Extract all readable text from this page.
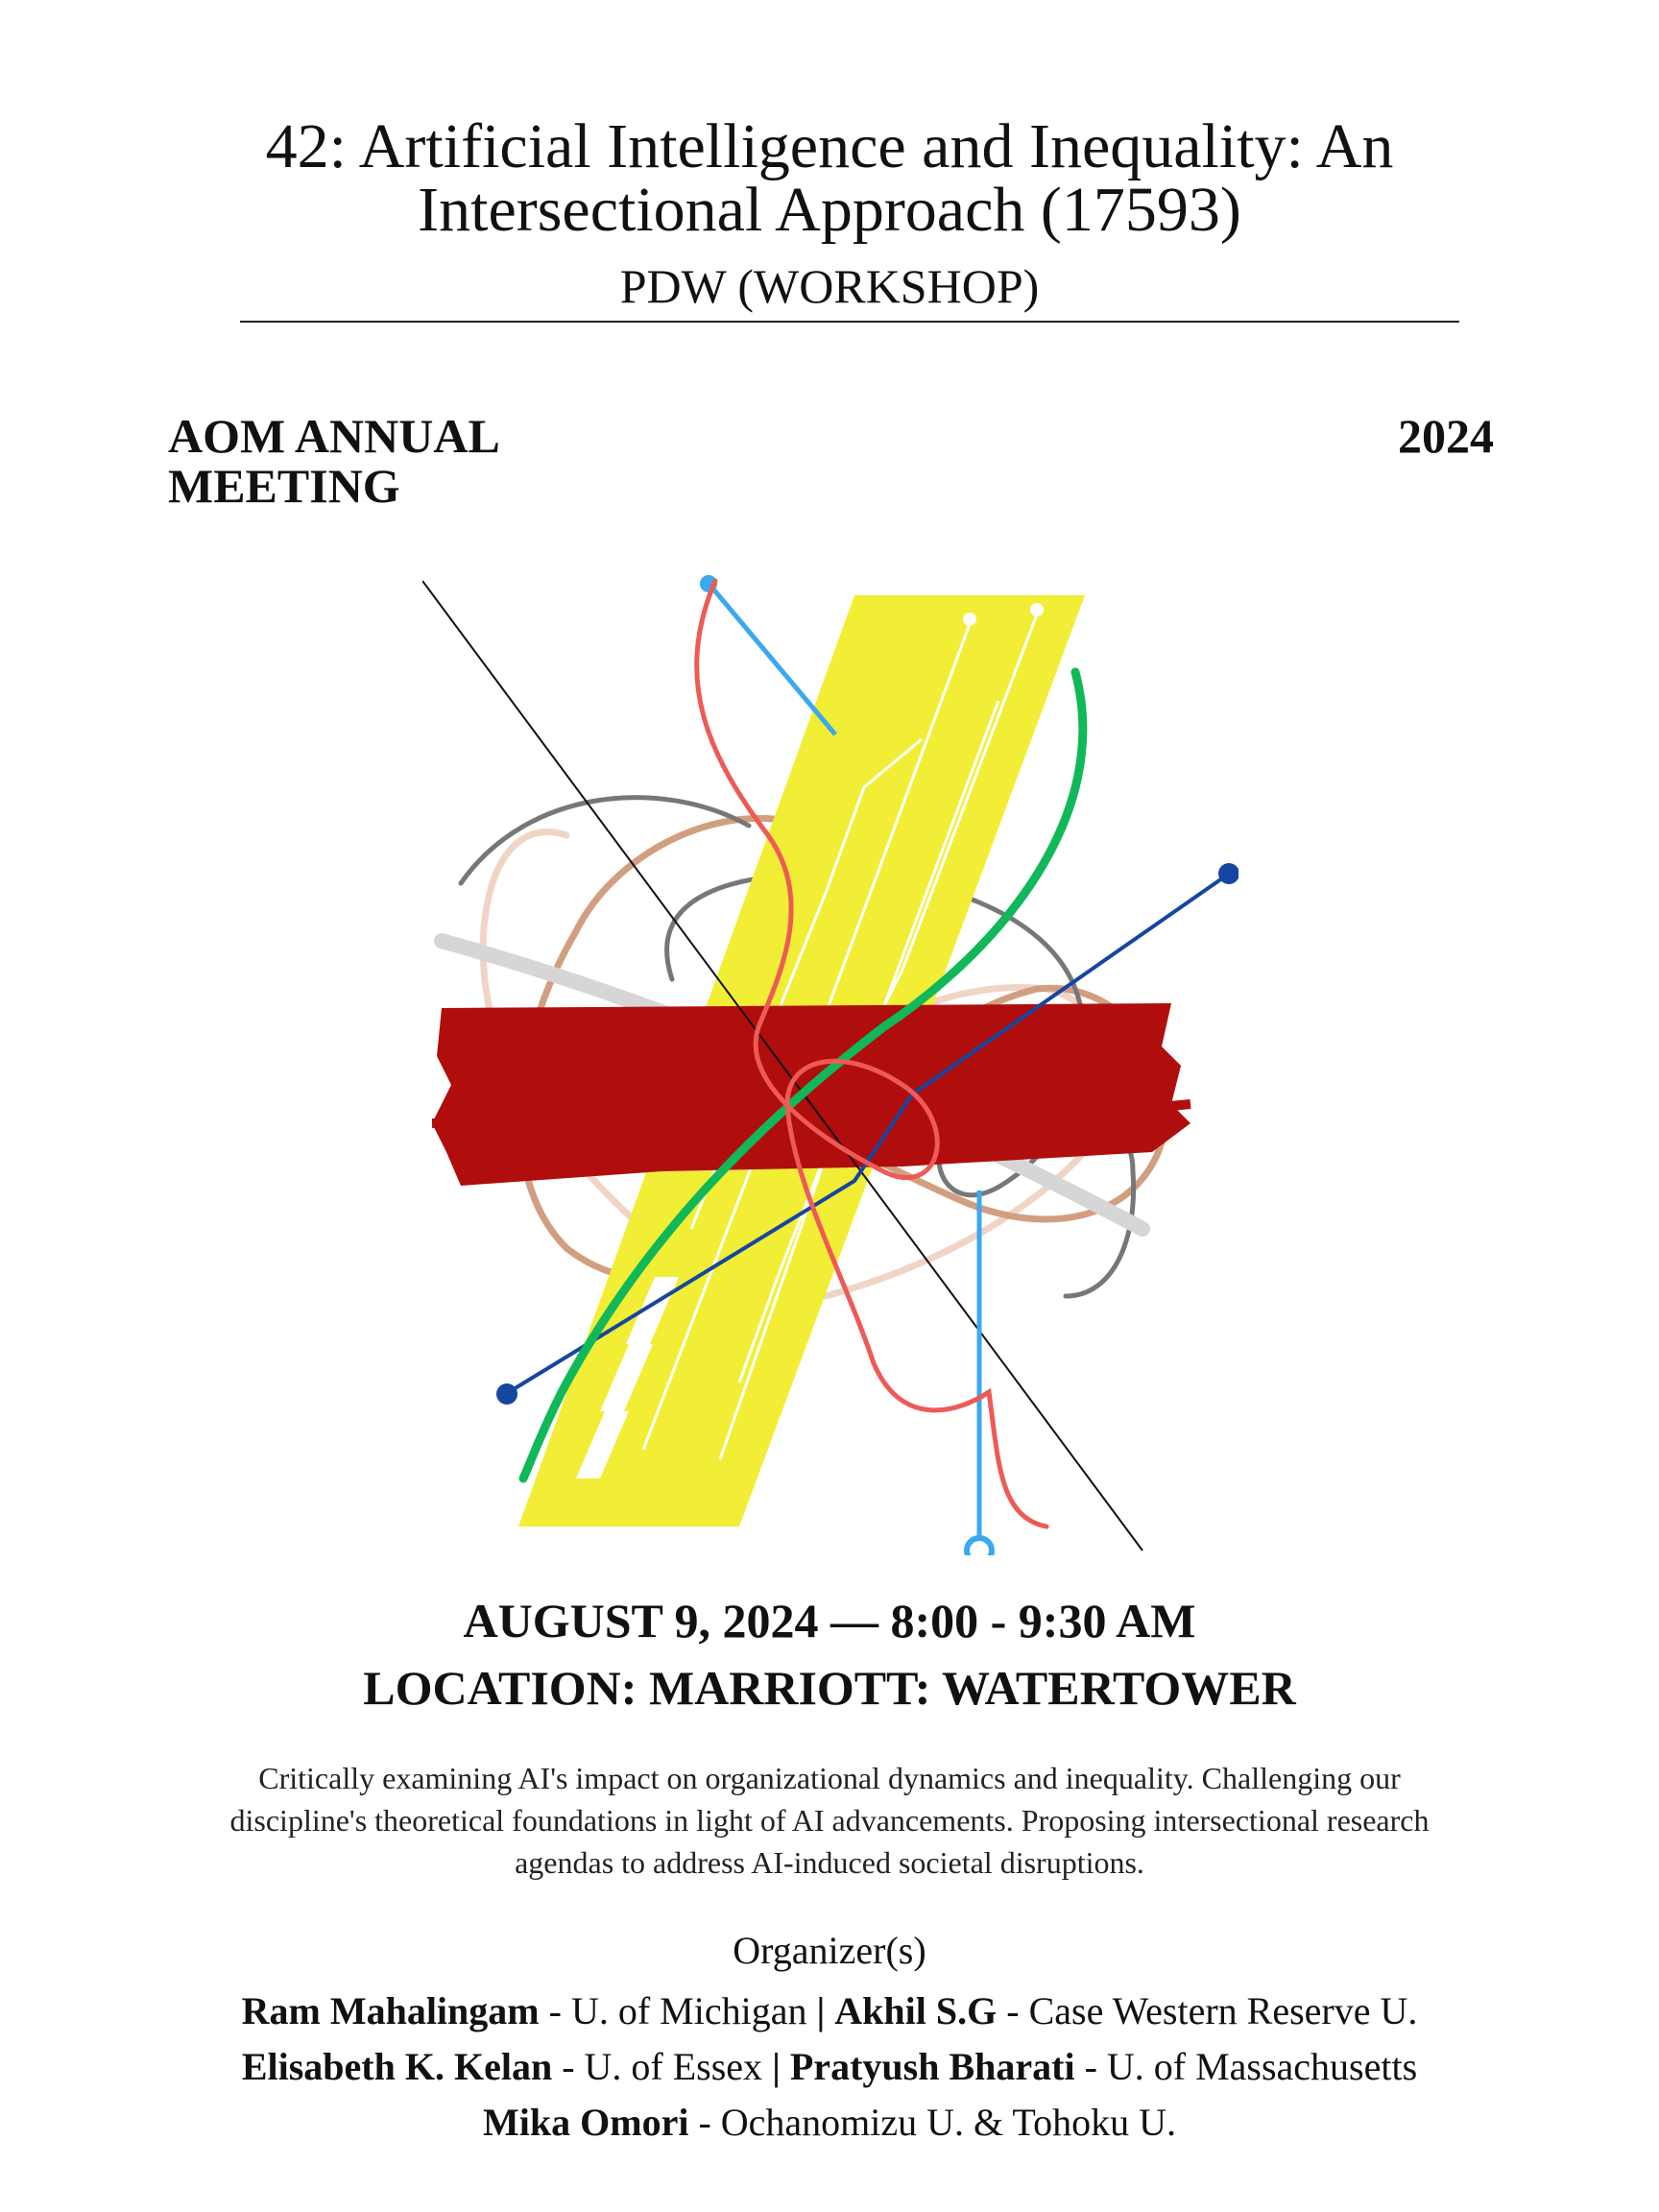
42: Artificial Intelligence and Inequality: An
Intersectional Approach (17593)
PDW (WORKSHOP)
AOM ANNUAL
MEETING
2024
AUGUST 9, 2024 — 8:00 - 9:30 AM
LOCATION: MARRIOTT: WATERTOWER
Critically examining AI's impact on organizational dynamics and inequality. Challenging our
discipline's theoretical foundations in light of AI advancements. Proposing intersectional research
agendas to address AI-induced societal disruptions.
Organizer(s)
Ram Mahalingam - U. of Michigan | Akhil S.G - Case Western Reserve U.
Elisabeth K. Kelan - U. of Essex | Pratyush Bharati - U. of Massachusetts
Mika Omori - Ochanomizu U. & Tohoku U.
